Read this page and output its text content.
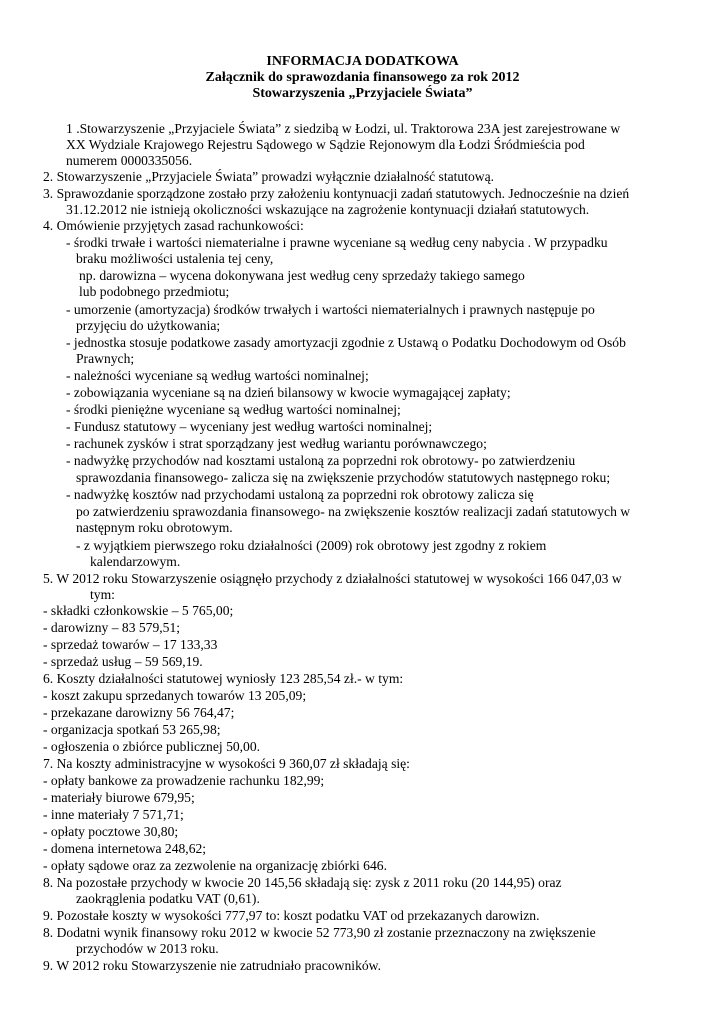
INFORMACJA DODATKOWA
Załącznik do sprawozdania finansowego za rok 2012
Stowarzyszenia „Przyjaciele Świata”
1 .Stowarzyszenie „Przyjaciele Świata” z siedzibą w Łodzi, ul. Traktorowa 23A jest zarejestrowane w
XX Wydziale Krajowego Rejestru Sądowego w Sądzie Rejonowym dla Łodzi Śródmieścia pod
numerem 0000335056.
2. Stowarzyszenie „Przyjaciele Świata” prowadzi wyłącznie działalność statutową.
3. Sprawozdanie sporządzone zostało przy założeniu kontynuacji zadań statutowych. Jednocześnie na dzień
31.12.2012 nie istnieją okoliczności wskazujące na zagrożenie kontynuacji działań statutowych.
4. Omówienie przyjętych zasad rachunkowości:
- środki trwałe i wartości niematerialne i prawne wyceniane są według ceny nabycia . W przypadku
braku możliwości ustalenia tej ceny,
np. darowizna – wycena dokonywana jest według ceny sprzedaży takiego samego
lub podobnego przedmiotu;
- umorzenie (amortyzacja) środków trwałych i wartości niematerialnych i prawnych następuje po
przyjęciu do użytkowania;
- jednostka stosuje podatkowe zasady amortyzacji zgodnie z Ustawą o Podatku Dochodowym od Osób
Prawnych;
- należności wyceniane są według wartości nominalnej;
- zobowiązania wyceniane są na dzień bilansowy w kwocie wymagającej zapłaty;
- środki pieniężne wyceniane są według wartości nominalnej;
- Fundusz statutowy – wyceniany jest według wartości nominalnej;
- rachunek zysków i strat sporządzany jest według wariantu porównawczego;
- nadwyżkę przychodów nad kosztami ustaloną za poprzedni rok obrotowy- po zatwierdzeniu
sprawozdania finansowego- zalicza się na zwiększenie przychodów statutowych następnego roku;
- nadwyżkę kosztów nad przychodami ustaloną za poprzedni rok obrotowy zalicza się
po zatwierdzeniu sprawozdania finansowego- na zwiększenie kosztów realizacji zadań statutowych w
następnym roku obrotowym.
- z wyjątkiem pierwszego roku działalności (2009) rok obrotowy jest zgodny z rokiem
kalendarzowym.
5. W 2012 roku Stowarzyszenie osiągnęło przychody z działalności statutowej w wysokości 166 047,03 w
tym:
- składki członkowskie – 5 765,00;
- darowizny – 83 579,51;
- sprzedaż towarów – 17 133,33
- sprzedaż usług – 59 569,19.
6. Koszty działalności statutowej wyniosły 123 285,54 zł.- w tym:
- koszt zakupu sprzedanych towarów 13 205,09;
- przekazane darowizny 56 764,47;
- organizacja spotkań 53 265,98;
- ogłoszenia o zbiórce publicznej 50,00.
7. Na koszty administracyjne w wysokości 9 360,07 zł składają się:
- opłaty bankowe za prowadzenie rachunku 182,99;
- materiały biurowe 679,95;
- inne materiały 7 571,71;
- opłaty pocztowe 30,80;
- domena internetowa 248,62;
- opłaty sądowe oraz za zezwolenie na organizację zbiórki 646.
8. Na pozostałe przychody w kwocie 20 145,56 składają się: zysk z 2011 roku (20 144,95) oraz
zaokrąglenia podatku VAT (0,61).
9. Pozostałe koszty w wysokości 777,97 to: koszt podatku VAT od przekazanych darowizn.
8. Dodatni wynik finansowy roku 2012 w kwocie 52 773,90 zł zostanie przeznaczony na zwiększenie
przychodów w 2013 roku.
9. W 2012 roku Stowarzyszenie nie zatrudniało pracowników.
